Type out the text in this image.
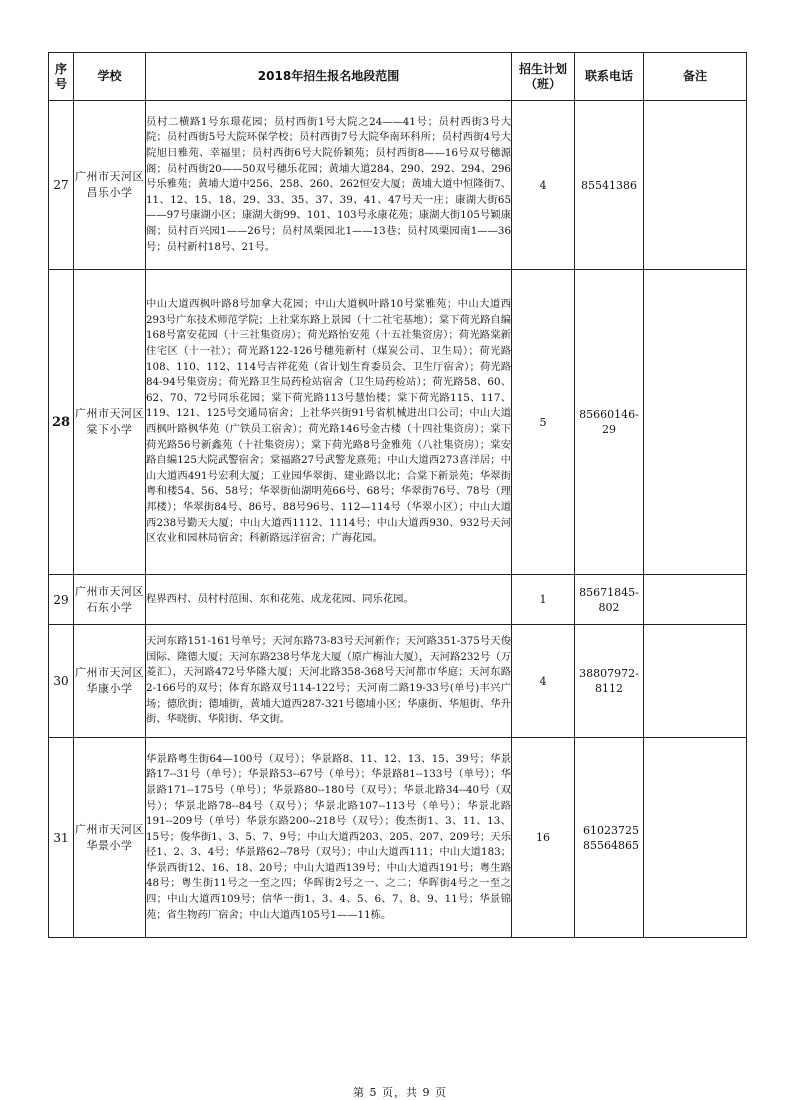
序号	学校	2018年招生报名地段范围	招生计划（班）	联系电话	备注
27	广州市天河区昌乐小学	员村二横路1号东璟花园；员村西街1号大院之24——41号；员村西街3号大院；员村西街5号大院环保学校；员村西街7号大院华南环科所；员村西街4号大院旭日雅苑、幸福里；员村西街6号大院侨颖苑；员村西街8——16号双号穗源阁；员村西街20——50双号穗乐花园；黄埔大道284、290、292、294、296号乐雅苑；黄埔大道中256、258、260、262恒安大厦；黄埔大道中恒隆街7、11、12、15、18、29、33、35、37、39、41、47号天一庄；康湖大街65——97号康湖小区；康湖大街99、101、103号永康花苑；康湖大街105号颖康阁；员村百兴园1——26号；员村凤栗园北1——13巷；员村凤栗园南1——36号；员村新村18号、21号。	4	85541386	
28	广州市天河区棠下小学	中山大道西枫叶路8号加拿大花园；中山大道枫叶路10号棠雅苑；中山大道西293号广东技术师范学院；上社棠东路上景园（十二社宅基地）；棠下荷光路自编168号富安花园（十三社集资房）；荷光路怡安苑（十五社集资房）；荷光路棠新住宅区（十一社）；荷光路122-126号穗苑新村（煤炭公司、卫生局）；荷光路108、110、112、114号吉祥花苑（省计划生育委员会、卫生厅宿舍）；荷光路84-94号集资房；荷光路卫生局药检站宿舍（卫生局药检站）；荷光路58、60、62、70、72号同乐花园；棠下荷光路113号慧怡楼；棠下荷光路115、117、119、121、125号交通局宿舍；上社华兴街91号省机械进出口公司；中山大道西枫叶路枫华苑（广铁员工宿舍）；荷光路146号金古楼（十四社集资房）；棠下荷光路56号新鑫苑（十社集资房）；棠下荷光路8号金雅苑（八社集资房）；棠安路自编125大院武警宿舍；棠福路27号武警龙熹苑；中山大道西273喜洋居；中山大道西491号宏利大厦；工业园华翠街、建业路以北；合棠下新景苑；华翠街粤和楼54、56、58号；华翠街仙湖明苑66号、68号；华翠街76号、78号（理邦楼）；华翠街84号、86号、88号96号、112—114号（华翠小区）；中山大道西238号勤天大厦；中山大道西1112、1114号；中山大道西930、932号天河区农业和园林局宿舍；科新路远洋宿舍；广海花园。	5	85660146-29	
29	广州市天河区石东小学	程界西村、员村村范围、东和花苑、成龙花园、同乐花园。	1	85671845-802	
30	广州市天河区华康小学	天河东路151-161号单号；天河东路73-83号天河新作；天河路351-375号天俊国际、隆德大厦；天河东路238号华龙大厦（原广梅汕大厦），天河路232号（万菱汇），天河路472号华隆大厦；天河北路358-368号天河都市华庭；天河东路2-166号的双号；体育东路双号114-122号；天河南二路19-33号(单号)丰兴广场；德欣街；德埔街，黄埔大道西287-321号德埔小区；华康街、华旭街、华升街、华晓街、华阳街、华文街。	4	38807972-8112	
31	广州市天河区华景小学	华景路粤生街64—100号（双号）；华景路8、11、12、13、15、39号；华景路17--31号（单号）；华景路53--67号（单号）；华景路81--133号（单号）；华景路171--175号（单号）；华景路80--180号（双号）；华景北路34--40号（双号）；华景北路78--84号（双号）；华景北路107--113号（单号）；华景北路191--209号（单号）华景东路200--218号（双号）；俊杰街1、3、11、13、15号；俊华街1、3、5、7、9号；中山大道西203、205、207、209号；天乐径1、2、3、4号；华景路62--78号（双号）；中山大道西111；中山大道183；华景西街12、16、18、20号；中山大道西139号；中山大道西191号；粤生路48号；粤生街11号之一至之四；华晖街2号之一、之二；华晖街4号之一至之四；中山大道西109号；信华一街1、3、4、5、6、7、8、9、11号；华景锦苑；省生物药厂宿舍；中山大道西105号1——11栋。	16	61023725 85564865	
第 5 页，共 9 页
